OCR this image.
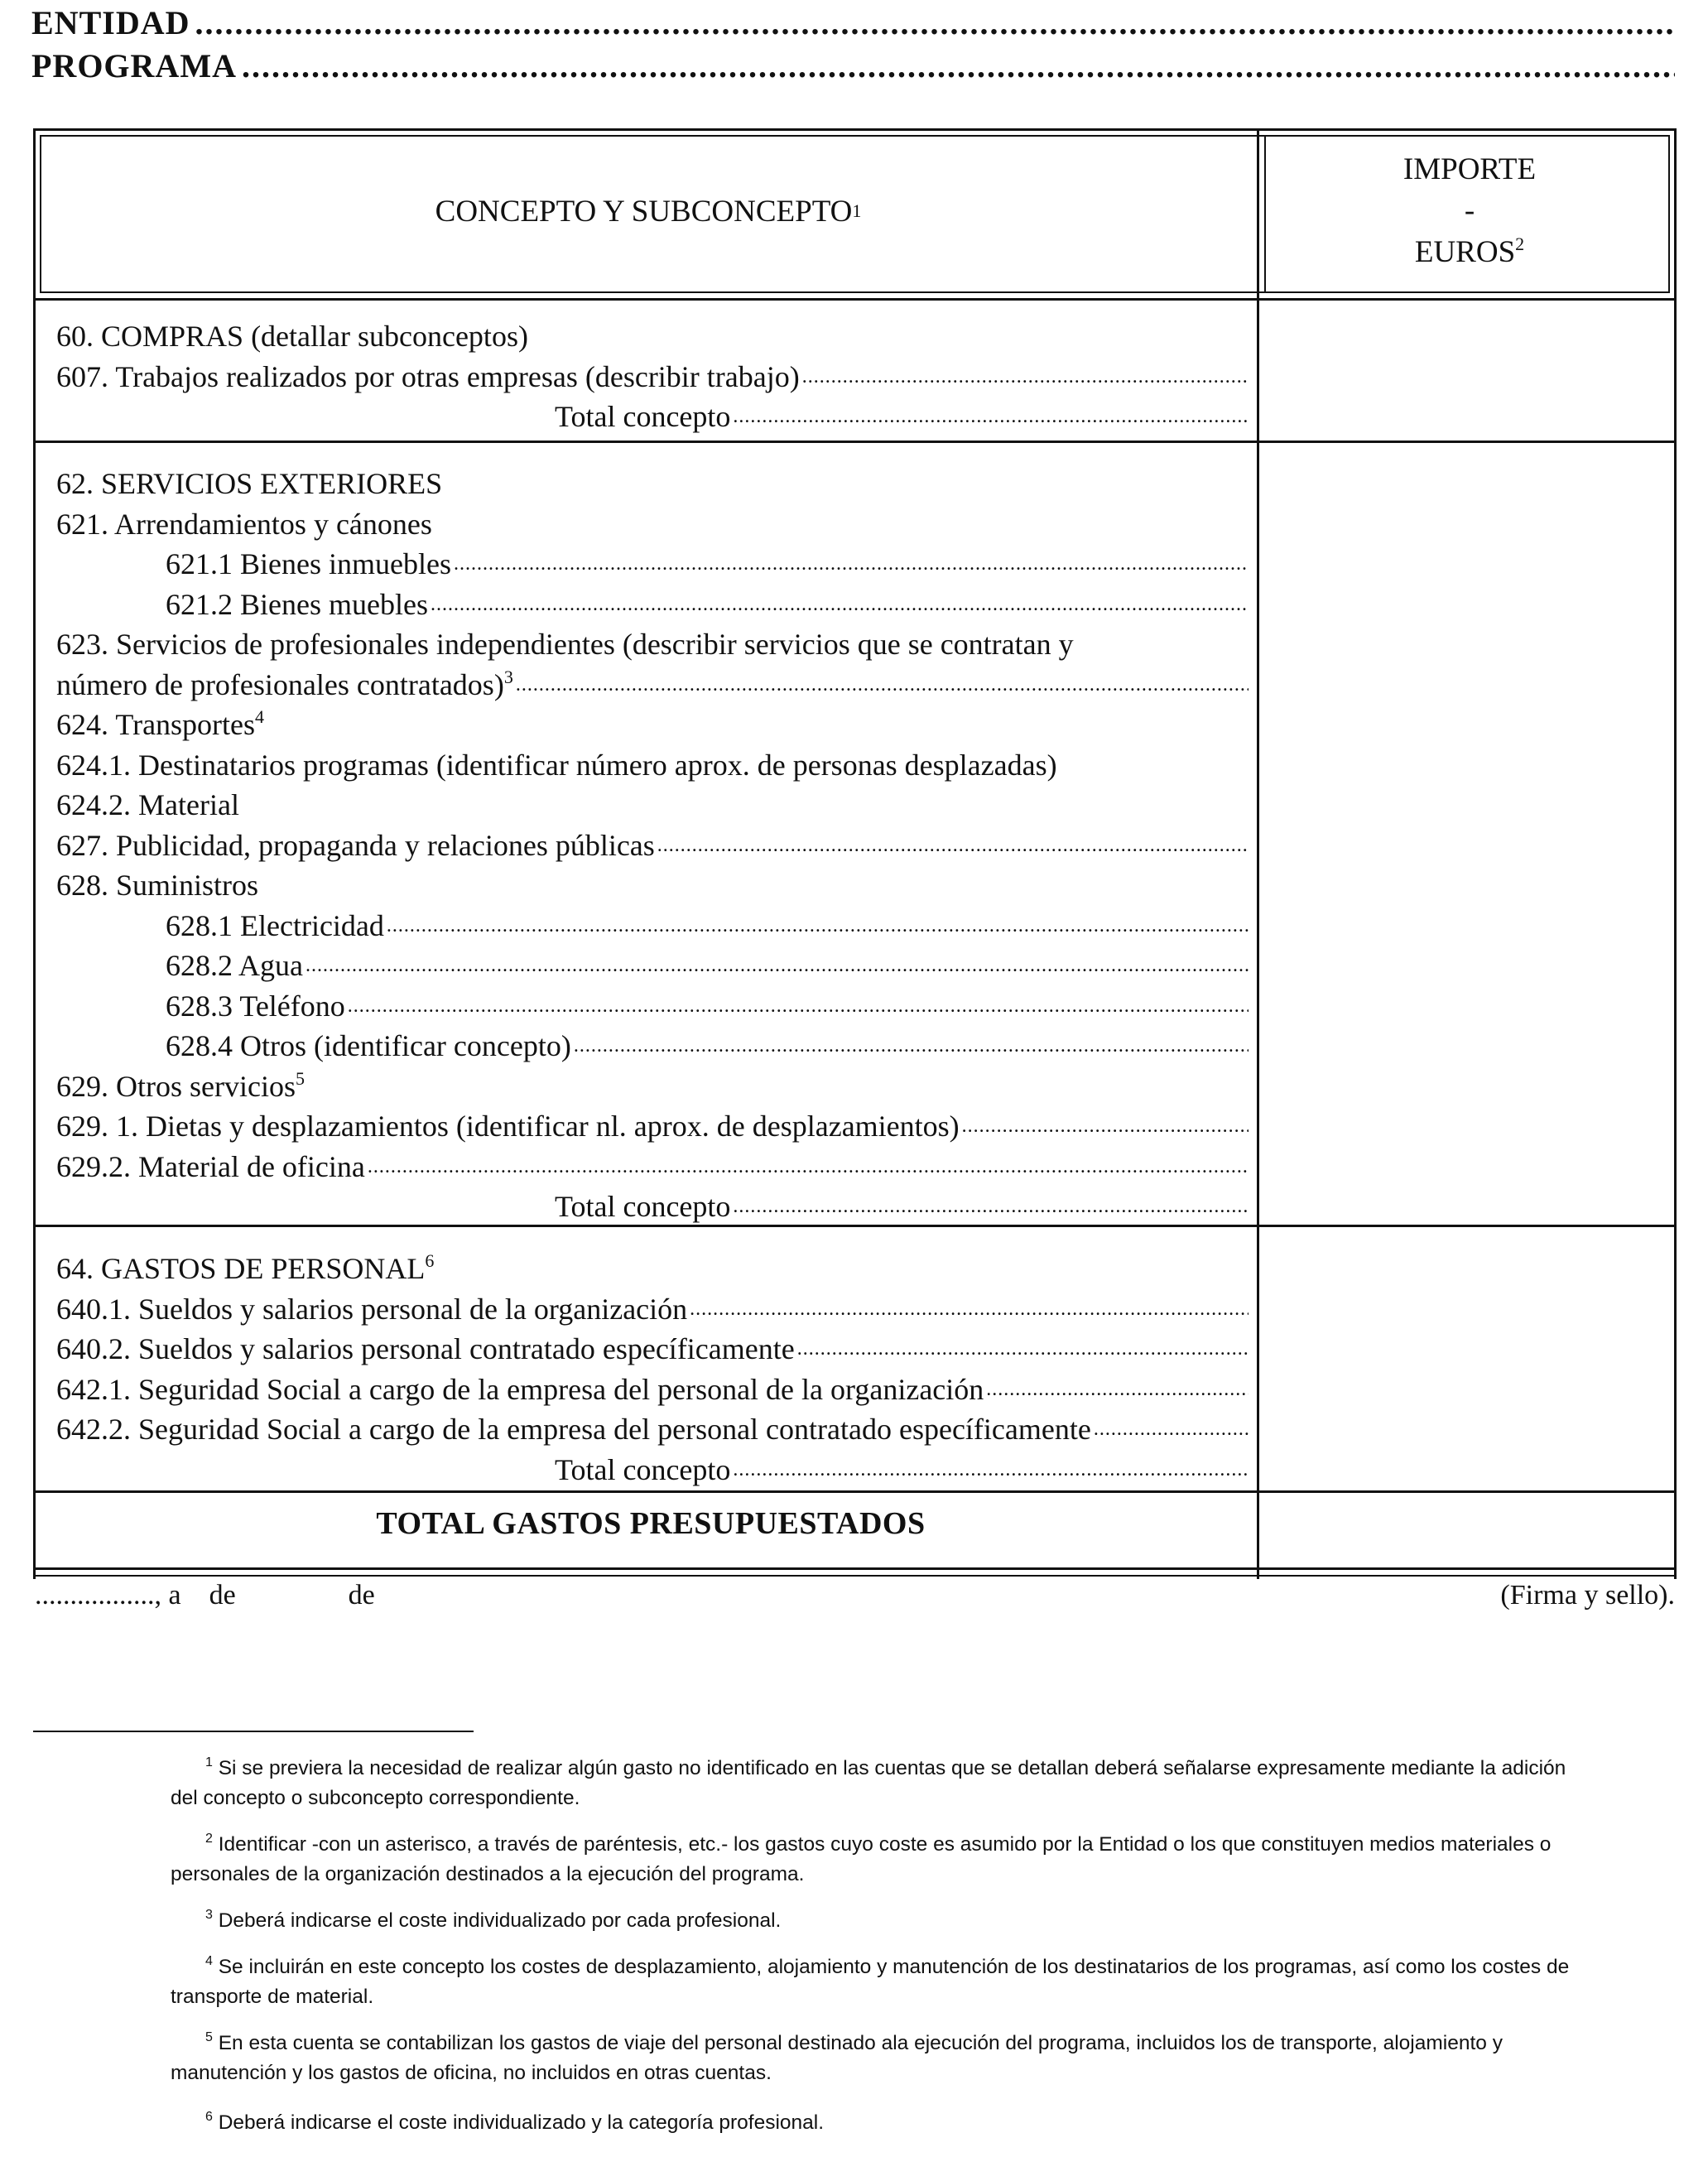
ENTIDAD
.....
PROGRAMA
.....
CONCEPTO Y SUBCONCEPTO 1
IMPORTE
-
EUROS$^2$
60. COMPRAS (detallar subconceptos)
607. Trabajos realizados por otras empresas (describir trabajo)
.....
Total concepto
.....
62. SERVICIOS EXTERIORES
621. Arrendamientos y cánones
621.1 Bienes inmuebles
.....
621.2 Bienes muebles
.....
623. Servicios de profesionales independientes (describir servicios que se contratan y
número de profesionales contratados)$^3$
.....
624. Transportes$^4$
624.1. Destinatarios programas (identificar número aprox. de personas desplazadas)
624.2. Material
627. Publicidad, propaganda y relaciones públicas
.....
628. Suministros
628.1 Electricidad
.....
628.2 Agua
.....
628.3 Teléfono
.....
628.4 Otros (identificar concepto)
.....
629. Otros servicios$^5$
629. 1. Dietas y desplazamientos (identificar nl. aprox. de desplazamientos)
.....
629.2. Material de oficina
.....
Total concepto
.....
64. GASTOS DE PERSONAL$^6$
640.1. Sueldos y salarios personal de la organización
.....
640.2. Sueldos y salarios personal contratado específicamente
.....
642.1. Seguridad Social a cargo de la empresa del personal de la organización
.....
642.2. Seguridad Social a cargo de la empresa del personal contratado específicamente
.....
Total concepto
.....
TOTAL GASTOS PRESUPUESTADOS
................., a    de                de	(Firma y sello).
$^1$ Si se previera la necesidad de realizar algún gasto no identificado en las cuentas que se detallan deberá señalarse expresamente mediante la adición del concepto o subconcepto correspondiente.
$^2$ Identificar -con un asterisco, a través de paréntesis, etc.- los gastos cuyo coste es asumido por la Entidad o los que constituyen medios materiales o personales de la organización destinados a la ejecución del programa.
$^3$ Deberá indicarse el coste individualizado por cada profesional.
$^4$ Se incluirán en este concepto los costes de desplazamiento, alojamiento y manutención de los destinatarios de los programas, así como los costes de transporte de material.
$^5$ En esta cuenta se contabilizan los gastos de viaje del personal destinado ala ejecución del programa, incluidos los de transporte, alojamiento y manutención y los gastos de oficina, no incluidos en otras cuentas.
$^6$ Deberá indicarse el coste individualizado y la categoría profesional.
